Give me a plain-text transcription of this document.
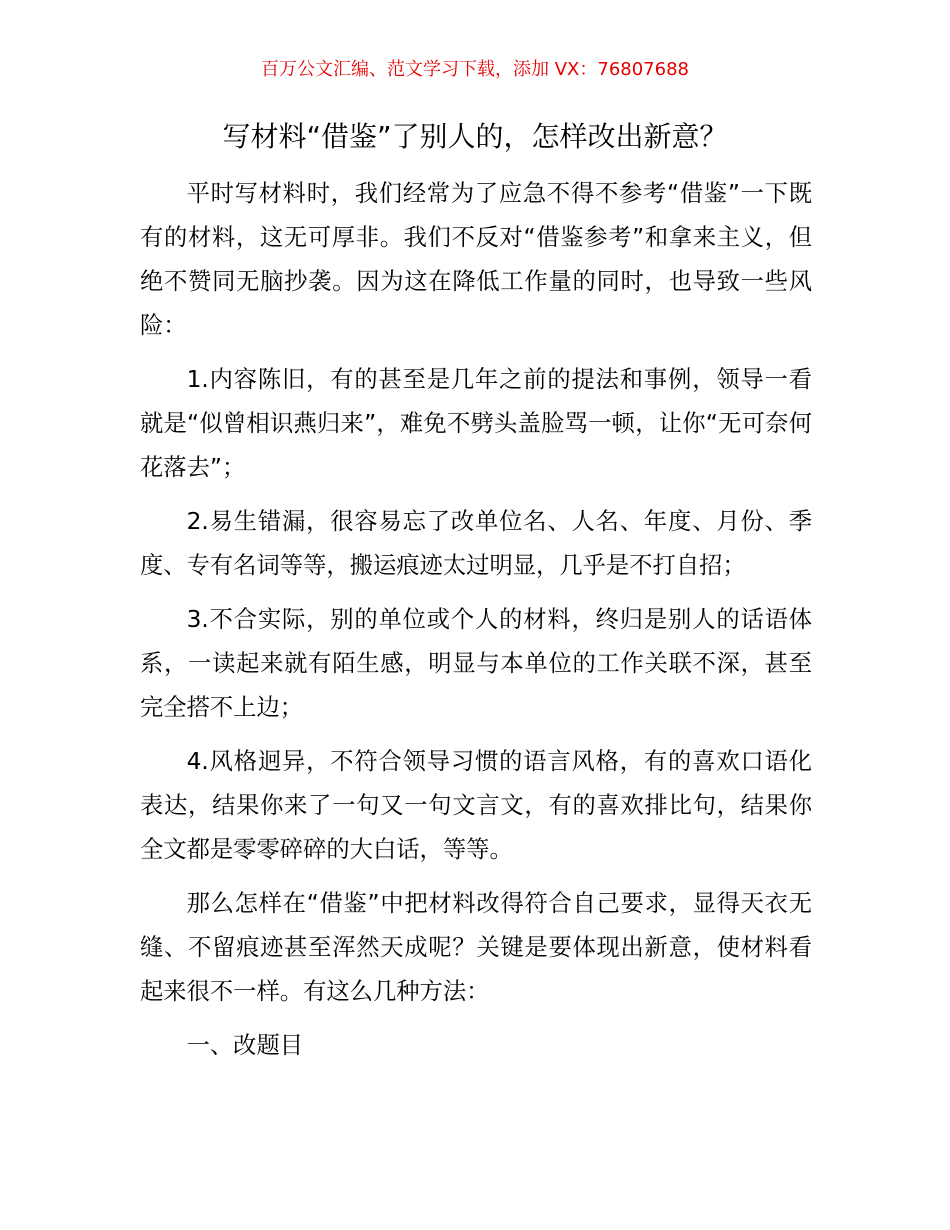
百万公文汇编、范文学习下载，添加 VX：76807688
写材料“借鉴”了别人的，怎样改出新意？

平时写材料时，我们经常为了应急不得不参考“借鉴”一下既有的材料，这无可厚非。我们不反对“借鉴参考”和拿来主义，但绝不赞同无脑抄袭。因为这在降低工作量的同时，也导致一些风险：

1.内容陈旧，有的甚至是几年之前的提法和事例，领导一看就是“似曾相识燕归来”，难免不劈头盖脸骂一顿，让你“无可奈何花落去”；

2.易生错漏，很容易忘了改单位名、人名、年度、月份、季度、专有名词等等，搬运痕迹太过明显，几乎是不打自招；

3.不合实际，别的单位或个人的材料，终归是别人的话语体系，一读起来就有陌生感，明显与本单位的工作关联不深，甚至完全搭不上边；

4.风格迥异，不符合领导习惯的语言风格，有的喜欢口语化表达，结果你来了一句又一句文言文，有的喜欢排比句，结果你全文都是零零碎碎的大白话，等等。

那么怎样在“借鉴”中把材料改得符合自己要求，显得天衣无缝、不留痕迹甚至浑然天成呢？关键是要体现出新意，使材料看起来很不一样。有这么几种方法：

一、改题目
